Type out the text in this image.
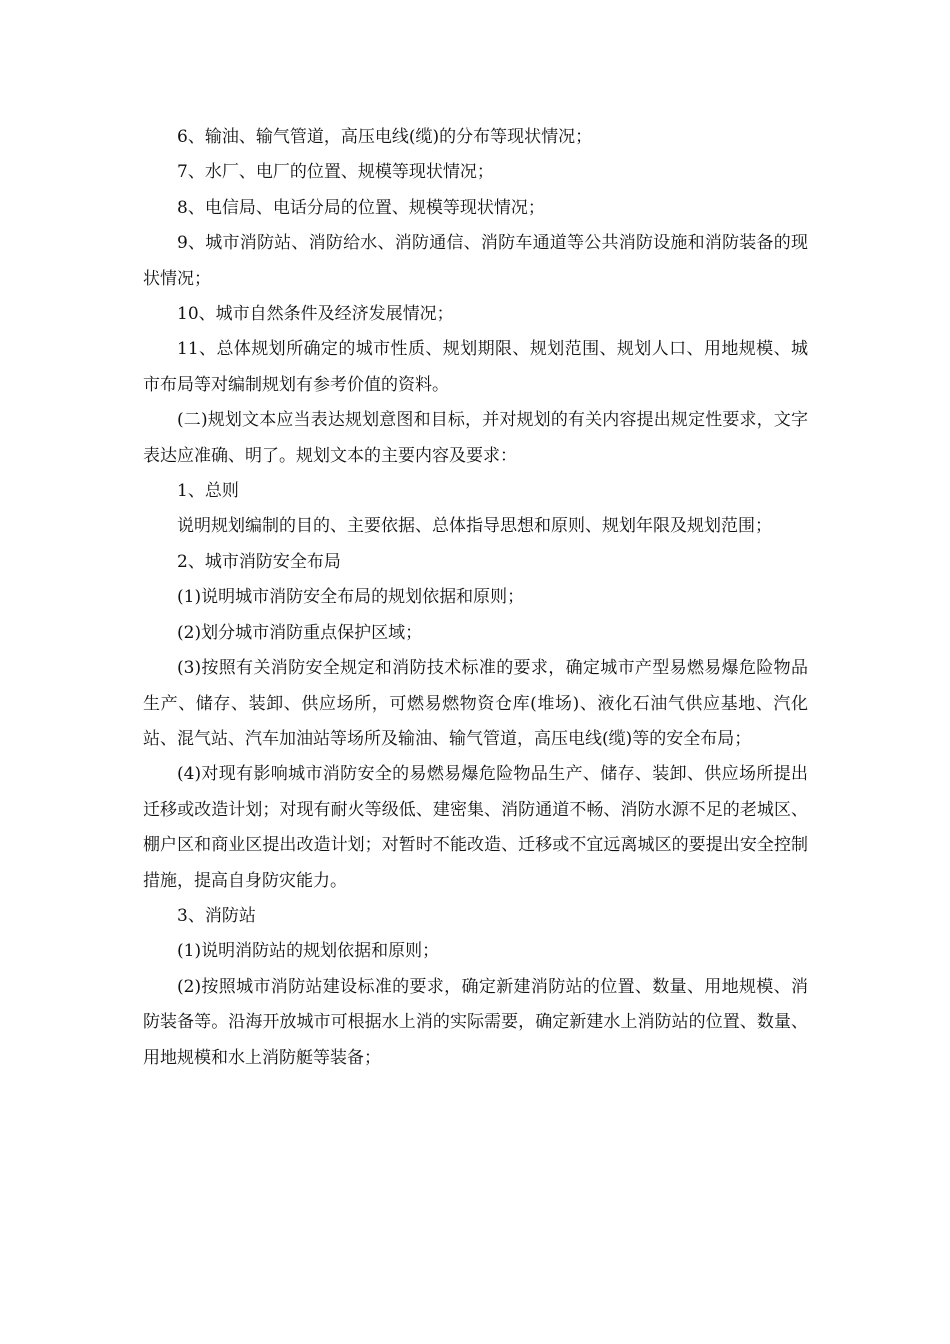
6、输油、输气管道，高压电线(缆)的分布等现状情况；

7、水厂、电厂的位置、规模等现状情况；

8、电信局、电话分局的位置、规模等现状情况；

9、城市消防站、消防给水、消防通信、消防车通道等公共消防设施和消防装备的现状情况；

10、城市自然条件及经济发展情况；

11、总体规划所确定的城市性质、规划期限、规划范围、规划人口、用地规模、城市布局等对编制规划有参考价值的资料。

(二)规划文本应当表达规划意图和目标，并对规划的有关内容提出规定性要求，文字表达应准确、明了。规划文本的主要内容及要求：

1、总则

说明规划编制的目的、主要依据、总体指导思想和原则、规划年限及规划范围；

2、城市消防安全布局

(1)说明城市消防安全布局的规划依据和原则；

(2)划分城市消防重点保护区域；

(3)按照有关消防安全规定和消防技术标准的要求，确定城市产型易燃易爆危险物品生产、储存、装卸、供应场所，可燃易燃物资仓库(堆场)、液化石油气供应基地、汽化站、混气站、汽车加油站等场所及输油、输气管道，高压电线(缆)等的安全布局；

(4)对现有影响城市消防安全的易燃易爆危险物品生产、储存、装卸、供应场所提出迁移或改造计划；对现有耐火等级低、建密集、消防通道不畅、消防水源不足的老城区、棚户区和商业区提出改造计划；对暂时不能改造、迁移或不宜远离城区的要提出安全控制措施，提高自身防灾能力。

3、消防站

(1)说明消防站的规划依据和原则；

(2)按照城市消防站建设标准的要求，确定新建消防站的位置、数量、用地规模、消防装备等。沿海开放城市可根据水上消的实际需要，确定新建水上消防站的位置、数量、用地规模和水上消防艇等装备；
